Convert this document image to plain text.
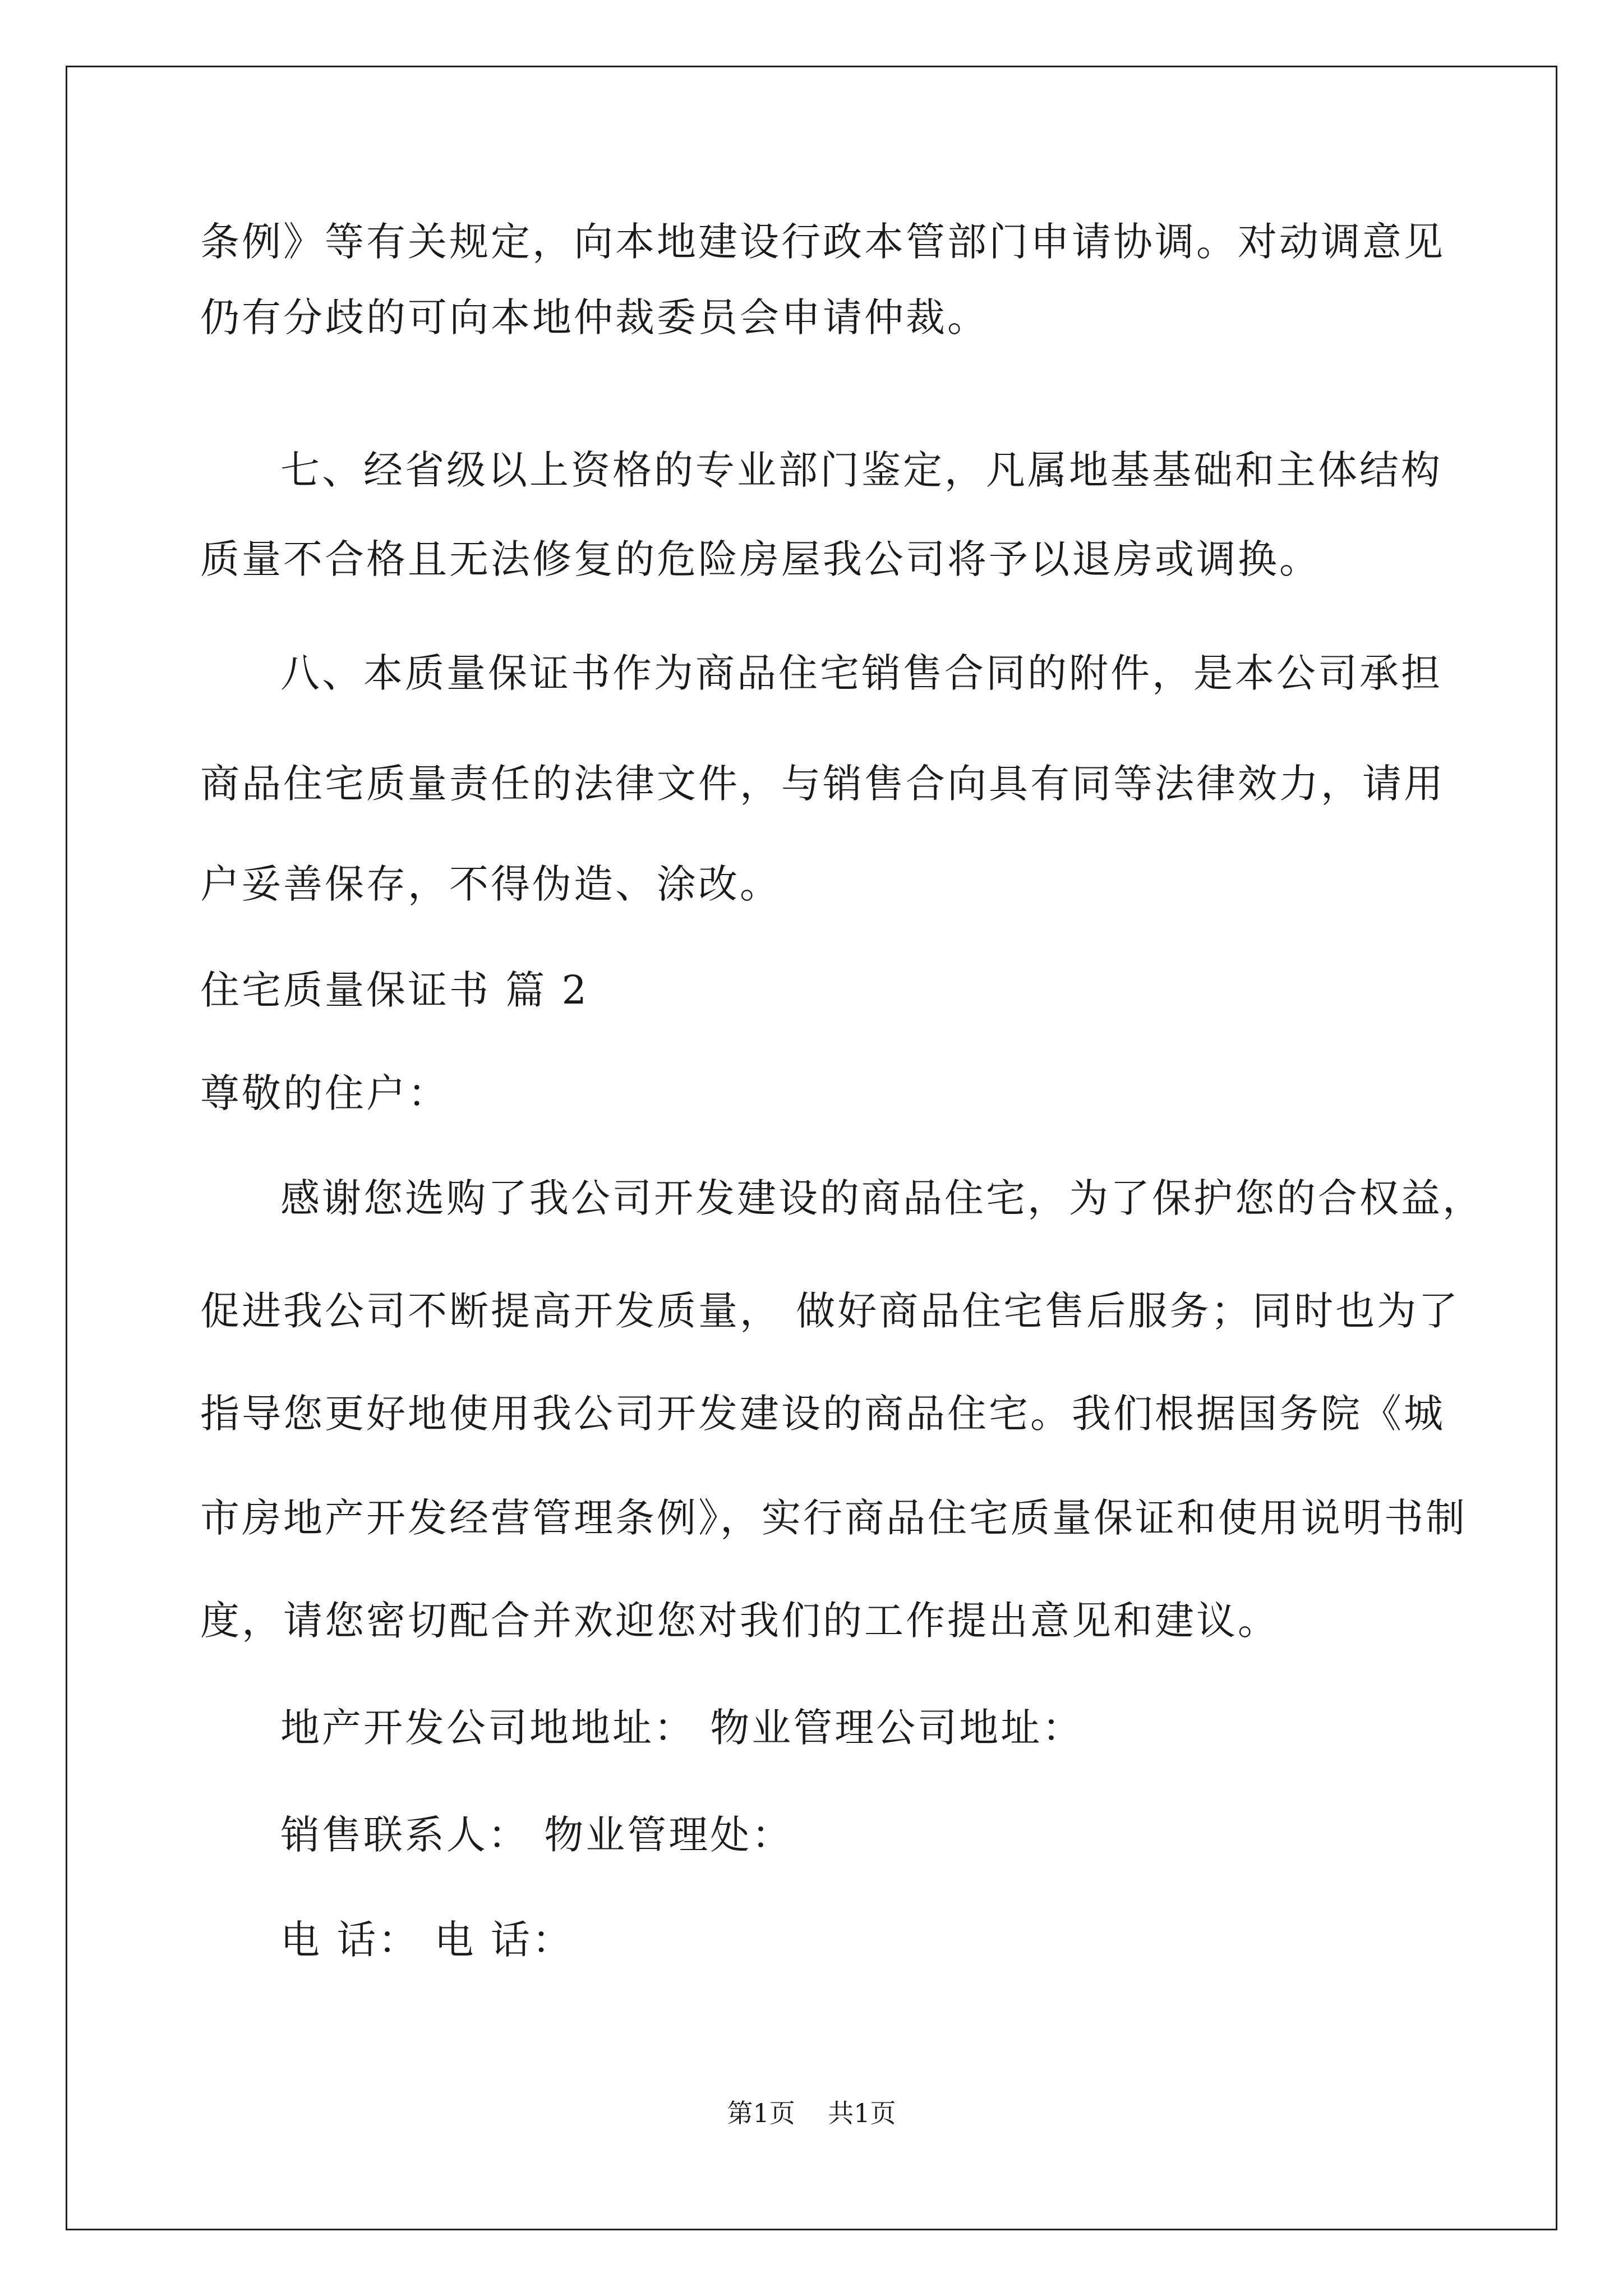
条例》等有关规定，向本地建设行政本管部门申请协调。对动调意见
仍有分歧的可向本地仲裁委员会申请仲裁。
七、经省级以上资格的专业部门鉴定，凡属地基基础和主体结构
质量不合格且无法修复的危险房屋我公司将予以退房或调换。
八、本质量保证书作为商品住宅销售合同的附件，是本公司承担
商品住宅质量责任的法律文件，与销售合向具有同等法律效力，请用
户妥善保存，不得伪造、涂改。
住宅质量保证书 篇 2
尊敬的住户：
感谢您选购了我公司开发建设的商品住宅，为了保护您的合权益，
促进我公司不断提高开发质量， 做好商品住宅售后服务；同时也为了
指导您更好地使用我公司开发建设的商品住宅。我们根据国务院《城
市房地产开发经营管理条例》，实行商品住宅质量保证和使用说明书制
度，请您密切配合并欢迎您对我们的工作提出意见和建议。
地产开发公司地地址： 物业管理公司地址：
销售联系人： 物业管理处：
电 话： 电 话：
第1页    共1页
